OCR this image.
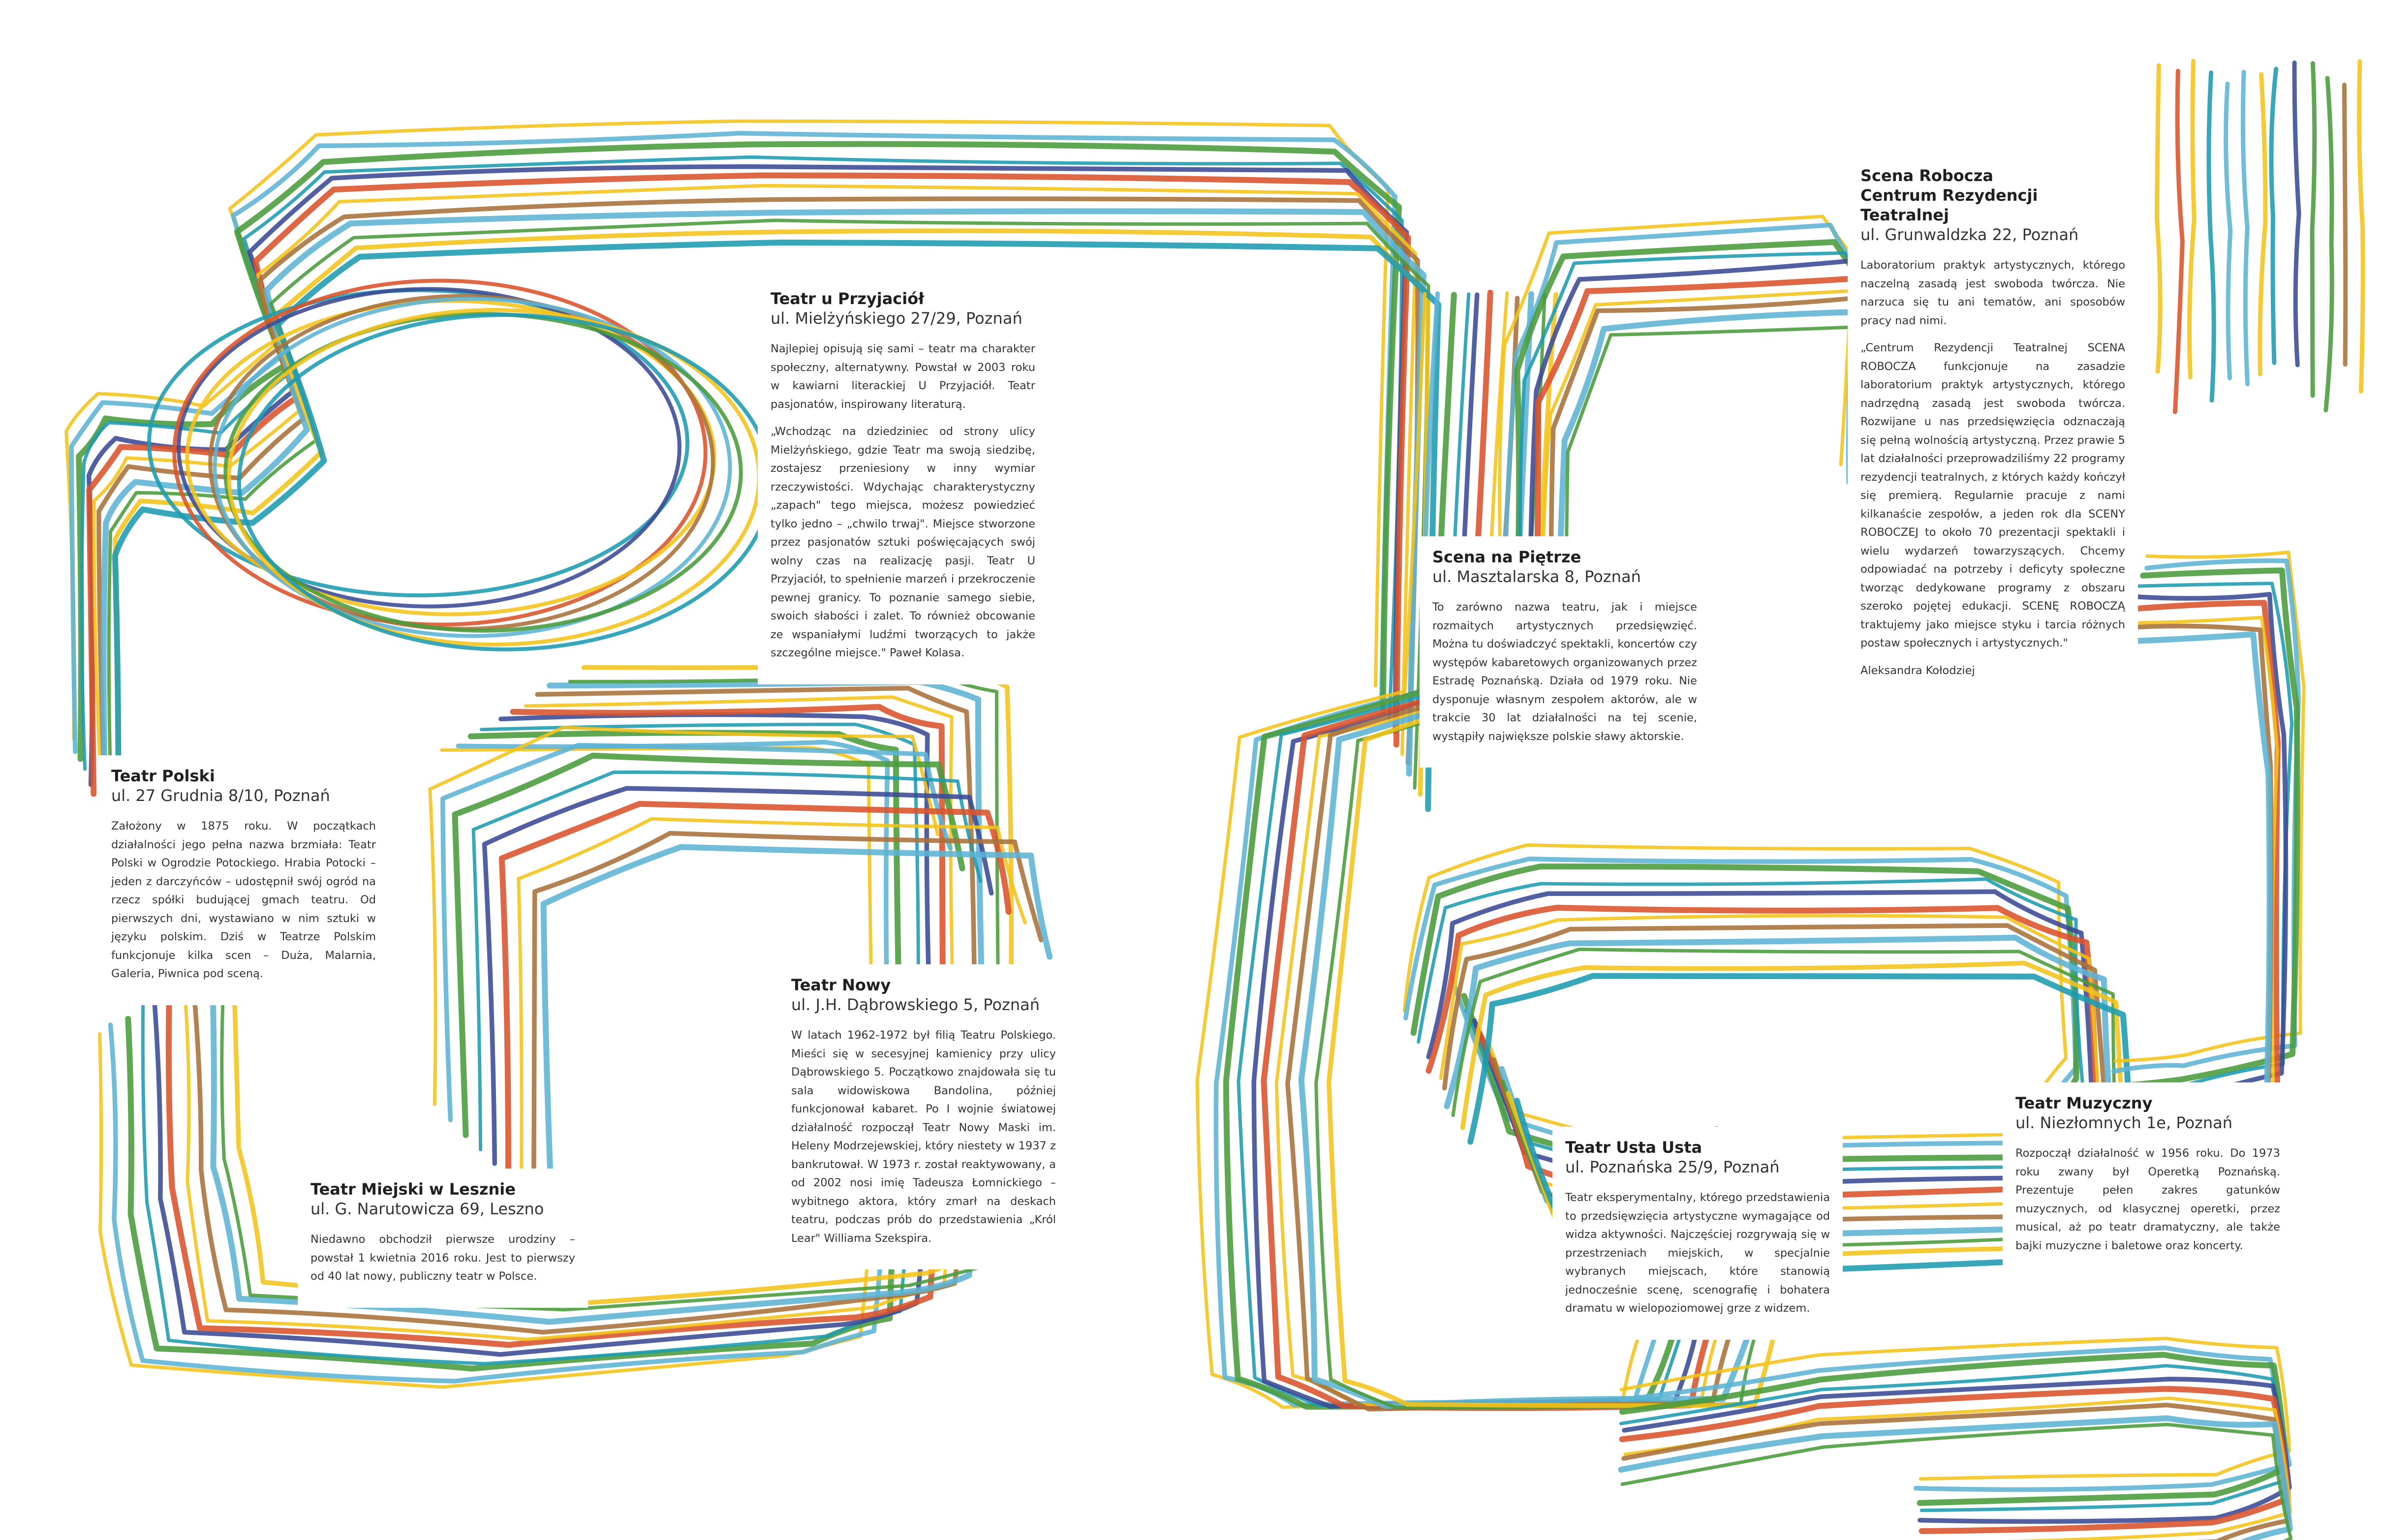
Teatr u Przyjaciół
ul. Mielżyńskiego 27/29, Poznań

Najlepiej opisują się sami – teatr ma charakter społeczny, alternatywny. Powstał w 2003 roku w kawiarni literackiej U Przyjaciół. Teatr pasjonatów, inspirowany literaturą.

„Wchodząc na dziedziniec od strony ulicy Mielżyńskiego, gdzie Teatr ma swoją siedzibę, zostajesz przeniesiony w inny wymiar rzeczywistości. Wdychając charakterystyczny „zapach" tego miejsca, możesz powiedzieć tylko jedno – „chwilo trwaj". Miejsce stworzone przez pasjonatów sztuki poświęcających swój wolny czas na realizację pasji. Teatr U Przyjaciół, to spełnienie marzeń i przekroczenie pewnej granicy. To poznanie samego siebie, swoich słabości i zalet. To również obcowanie ze wspaniałymi ludźmi tworzących to jakże szczególne miejsce." Paweł Kolasa.

Teatr Polski
ul. 27 Grudnia 8/10, Poznań

Założony w 1875 roku. W początkach działalności jego pełna nazwa brzmiała: Teatr Polski w Ogrodzie Potockiego. Hrabia Potocki – jeden z darczyńców – udostępnił swój ogród na rzecz spółki budującej gmach teatru. Od pierwszych dni, wystawiano w nim sztuki w języku polskim. Dziś w Teatrze Polskim funkcjonuje kilka scen – Duża, Malarnia, Galeria, Piwnica pod sceną.

Teatr Nowy
ul. J.H. Dąbrowskiego 5, Poznań

W latach 1962-1972 był filią Teatru Polskiego. Mieści się w secesyjnej kamienicy przy ulicy Dąbrowskiego 5. Początkowo znajdowała się tu sala widowiskowa Bandolina, później funkcjonował kabaret. Po I wojnie światowej działalność rozpoczął Teatr Nowy Maski im. Heleny Modrzejewskiej, który niestety w 1937 z bankrutował. W 1973 r. został reaktywowany, a od 2002 nosi imię Tadeusza Łomnickiego – wybitnego aktora, który zmarł na deskach teatru, podczas prób do przedstawienia „Król Lear" Williama Szekspira.

Teatr Miejski w Lesznie
ul. G. Narutowicza 69, Leszno

Niedawno obchodził pierwsze urodziny – powstał 1 kwietnia 2016 roku. Jest to pierwszy od 40 lat nowy, publiczny teatr w Polsce.

Scena na Piętrze
ul. Masztalarska 8, Poznań

To zarówno nazwa teatru, jak i miejsce rozmaitych artystycznych przedsięwzięć. Można tu doświadczyć spektakli, koncertów czy występów kabaretowych organizowanych przez Estradę Poznańską. Działa od 1979 roku. Nie dysponuje własnym zespołem aktorów, ale w trakcie 30 lat działalności na tej scenie, wystąpiły największe polskie sławy aktorskie.

Scena Robocza
Centrum Rezydencji Teatralnej
ul. Grunwaldzka 22, Poznań

Laboratorium praktyk artystycznych, którego naczelną zasadą jest swoboda twórcza. Nie narzuca się tu ani tematów, ani sposobów pracy nad nimi.

„Centrum Rezydencji Teatralnej SCENA ROBOCZA funkcjonuje na zasadzie laboratorium praktyk artystycznych, którego nadrzędną zasadą jest swoboda twórcza. Rozwijane u nas przedsięwzięcia odznaczają się pełną wolnością artystyczną. Przez prawie 5 lat działalności przeprowadziliśmy 22 programy rezydencji teatralnych, z których każdy kończył się premierą. Regularnie pracuje z nami kilkanaście zespołów, a jeden rok dla SCENY ROBOCZEJ to około 70 prezentacji spektakli i wielu wydarzeń towarzyszących. Chcemy odpowiadać na potrzeby i deficyty społeczne tworząc dedykowane programy z obszaru szeroko pojętej edukacji. SCENĘ ROBOCZĄ traktujemy jako miejsce styku i tarcia różnych postaw społecznych i artystycznych."

Aleksandra Kołodziej

Teatr Usta Usta
ul. Poznańska 25/9, Poznań

Teatr eksperymentalny, którego przedstawienia to przedsięwzięcia artystyczne wymagające od widza aktywności. Najczęściej rozgrywają się w przestrzeniach miejskich, w specjalnie wybranych miejscach, które stanowią jednocześnie scenę, scenografię i bohatera dramatu w wielopoziomowej grze z widzem.

Teatr Muzyczny
ul. Niezłomnych 1e, Poznań

Rozpoczął działalność w 1956 roku. Do 1973 roku zwany był Operetką Poznańską. Prezentuje pełen zakres gatunków muzycznych, od klasycznej operetki, przez musical, aż po teatr dramatyczny, ale także bajki muzyczne i baletowe oraz koncerty.
